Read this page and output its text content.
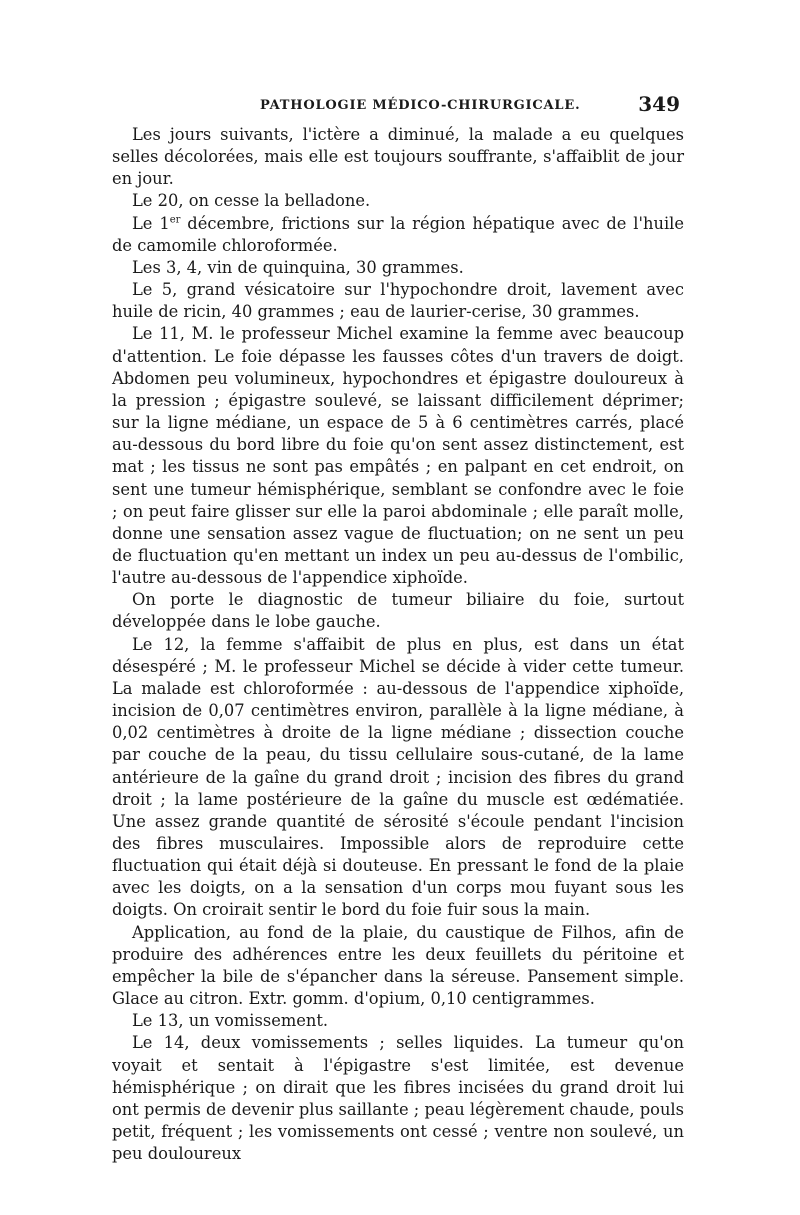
PATHOLOGIE MÉDICO-CHIRURGICALE.	349

Les jours suivants, l'ictère a diminué, la malade a eu quelques selles décolorées, mais elle est toujours souffrante, s'affaiblit de jour en jour.

Le 20, on cesse la belladone.

Le 1er décembre, frictions sur la région hépatique avec de l'huile de camomile chloroformée.

Les 3, 4, vin de quinquina, 30 grammes.

Le 5, grand vésicatoire sur l'hypochondre droit, lavement avec huile de ricin, 40 grammes ; eau de laurier-cerise, 30 grammes.

Le 11, M. le professeur Michel examine la femme avec beaucoup d'attention. Le foie dépasse les fausses côtes d'un travers de doigt. Abdomen peu volumineux, hypochondres et épigastre douloureux à la pression ; épigastre soulevé, se laissant difficilement déprimer; sur la ligne médiane, un espace de 5 à 6 centimètres carrés, placé au-dessous du bord libre du foie qu'on sent assez distinctement, est mat ; les tissus ne sont pas empâtés ; en palpant en cet endroit, on sent une tumeur hémisphérique, semblant se confondre avec le foie ; on peut faire glisser sur elle la paroi abdominale ; elle paraît molle, donne une sensation assez vague de fluctuation; on ne sent un peu de fluctuation qu'en mettant un index un peu au-dessus de l'ombilic, l'autre au-dessous de l'appendice xiphoïde.

On porte le diagnostic de tumeur biliaire du foie, surtout développée dans le lobe gauche.

Le 12, la femme s'affaibit de plus en plus, est dans un état désespéré ; M. le professeur Michel se décide à vider cette tumeur. La malade est chloroformée : au-dessous de l'appendice xiphoïde, incision de 0,07 centimètres environ, parallèle à la ligne médiane, à 0,02 centimètres à droite de la ligne médiane ; dissection couche par couche de la peau, du tissu cellulaire sous-cutané, de la lame antérieure de la gaîne du grand droit ; incision des fibres du grand droit ; la lame postérieure de la gaîne du muscle est œdématiée. Une assez grande quantité de sérosité s'écoule pendant l'incision des fibres musculaires. Impossible alors de reproduire cette fluctuation qui était déjà si douteuse. En pressant le fond de la plaie avec les doigts, on a la sensation d'un corps mou fuyant sous les doigts. On croirait sentir le bord du foie fuir sous la main.

Application, au fond de la plaie, du caustique de Filhos, afin de produire des adhérences entre les deux feuillets du péritoine et empêcher la bile de s'épancher dans la séreuse. Pansement simple. Glace au citron. Extr. gomm. d'opium, 0,10 centigrammes.

Le 13, un vomissement.

Le 14, deux vomissements ; selles liquides. La tumeur qu'on voyait et sentait à l'épigastre s'est limitée, est devenue hémisphérique ; on dirait que les fibres incisées du grand droit lui ont permis de devenir plus saillante ; peau légèrement chaude, pouls petit, fréquent ; les vomissements ont cessé ; ventre non soulevé, un peu douloureux
